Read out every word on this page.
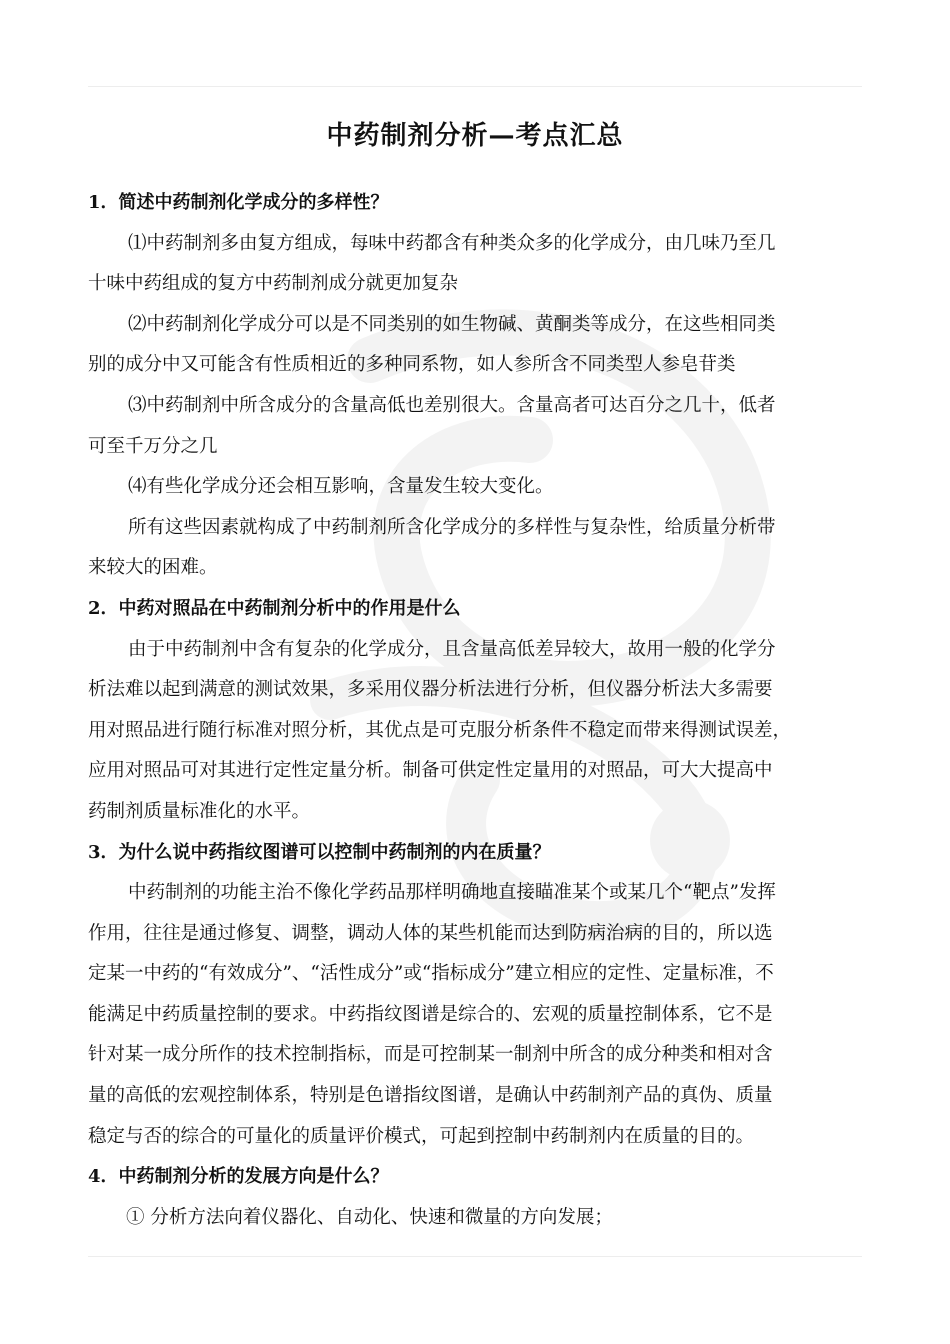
中药制剂分析—考点汇总
1．简述中药制剂化学成分的多样性？
⑴中药制剂多由复方组成，每味中药都含有种类众多的化学成分，由几味乃至几
十味中药组成的复方中药制剂成分就更加复杂
⑵中药制剂化学成分可以是不同类别的如生物碱、黄酮类等成分，在这些相同类
别的成分中又可能含有性质相近的多种同系物，如人参所含不同类型人参皂苷类
⑶中药制剂中所含成分的含量高低也差别很大。含量高者可达百分之几十，低者
可至千万分之几
⑷有些化学成分还会相互影响，含量发生较大变化。
所有这些因素就构成了中药制剂所含化学成分的多样性与复杂性，给质量分析带
来较大的困难。
2．中药对照品在中药制剂分析中的作用是什么
由于中药制剂中含有复杂的化学成分，且含量高低差异较大，故用一般的化学分
析法难以起到满意的测试效果，多采用仪器分析法进行分析，但仪器分析法大多需要
用对照品进行随行标准对照分析，其优点是可克服分析条件不稳定而带来得测试误差，
应用对照品可对其进行定性定量分析。制备可供定性定量用的对照品，可大大提高中
药制剂质量标准化的水平。
3．为什么说中药指纹图谱可以控制中药制剂的内在质量？
中药制剂的功能主治不像化学药品那样明确地直接瞄准某个或某几个“靶点”发挥
作用，往往是通过修复、调整，调动人体的某些机能而达到防病治病的目的，所以选
定某一中药的“有效成分”、“活性成分”或“指标成分”建立相应的定性、定量标准，不
能满足中药质量控制的要求。中药指纹图谱是综合的、宏观的质量控制体系，它不是
针对某一成分所作的技术控制指标，而是可控制某一制剂中所含的成分种类和相对含
量的高低的宏观控制体系，特别是色谱指纹图谱，是确认中药制剂产品的真伪、质量
稳定与否的综合的可量化的质量评价模式，可起到控制中药制剂内在质量的目的。
4．中药制剂分析的发展方向是什么？
① 分析方法向着仪器化、自动化、快速和微量的方向发展；
